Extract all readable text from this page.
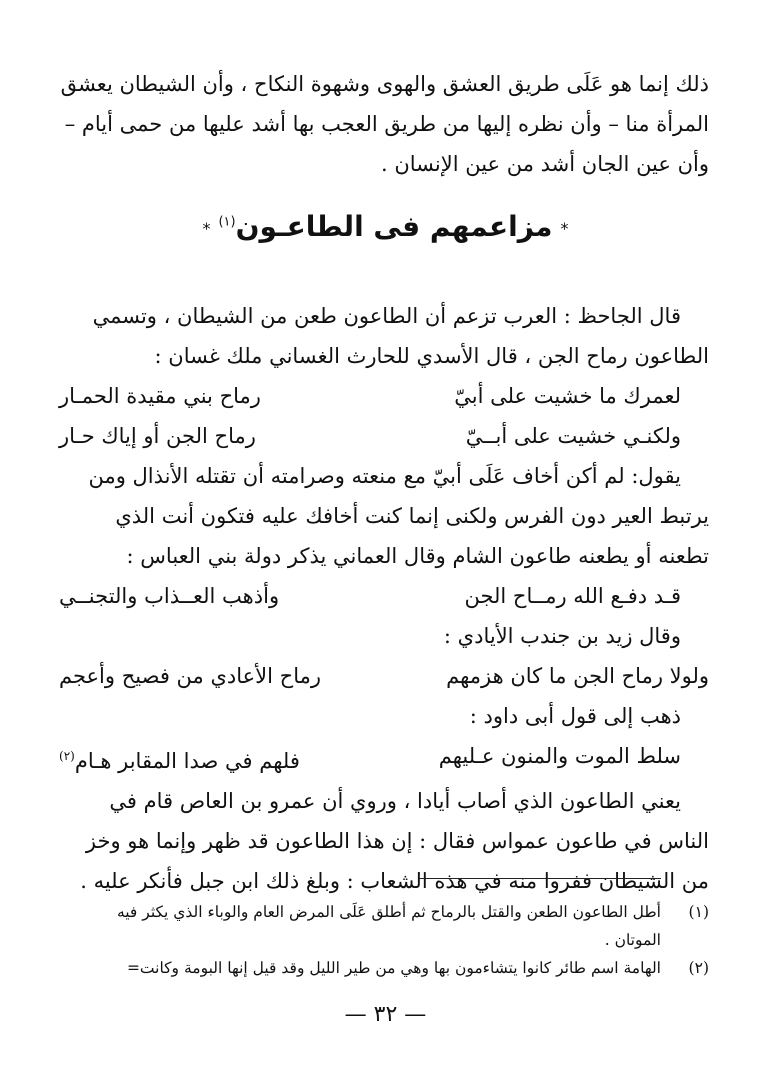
ذلك إنما هو عَلَى طريق العشق والهوى وشهوة النكاح ، وأن الشيطان يعشق
المرأة منا – وأن نظره إليها من طريق العجب بها أشد عليها من حمى أيام –
وأن عين الجان أشد من عين الإنسان .
*مزاعمهم فى الطاعـون$^{(١)}$*
قال الجاحظ : العرب تزعم أن الطاعون طعن من الشيطان ، وتسمي
الطاعون رماح الجن ، قال الأسدي للحارث الغساني ملك غسان :
لعمرك ما خشيت على أبيّ
رماح بني مقيدة الحمـار
ولكنـي خشيت على أبــيّ
رماح الجن أو إياك حـار
يقول: لم أكن أخاف عَلَى أبيّ مع منعته وصرامته أن تقتله الأنذال ومن
يرتبط العير دون الفرس ولكنى إنما كنت أخافك عليه فتكون أنت الذي
تطعنه أو يطعنه طاعون الشام وقال العماني يذكر دولة بني العباس :
قـد دفـع الله رمــاح الجن
وأذهب العــذاب والتجنــي
وقال زيد بن جندب الأيادي :
ولولا رماح الجن ما كان هزمهم
رماح الأعادي من فصيح وأعجم
ذهب إلى قول أبى داود :
سلط الموت والمنون عـليهم
فلهم في صدا المقابر هـام$^{(٢)}$
يعني الطاعون الذي أصاب أيادا ، وروي أن عمرو بن العاص قام في
الناس في طاعون عمواس فقال : إن هذا الطاعون قد ظهر وإنما هو وخز
من الشيطان ففروا منه في هذه الشعاب : وبلغ ذلك ابن جبل فأنكر عليه .
(١)
أطل الطاعون الطعن والقتل بالرماح ثم أطلق عَلَى المرض العام والوباء الذي يكثر فيه
الموتان .
(٢)
الهامة اسم طائر كانوا يتشاءمون بها وهي من طير الليل وقد قيل إنها البومة وكانت=
— ٣٢ —
